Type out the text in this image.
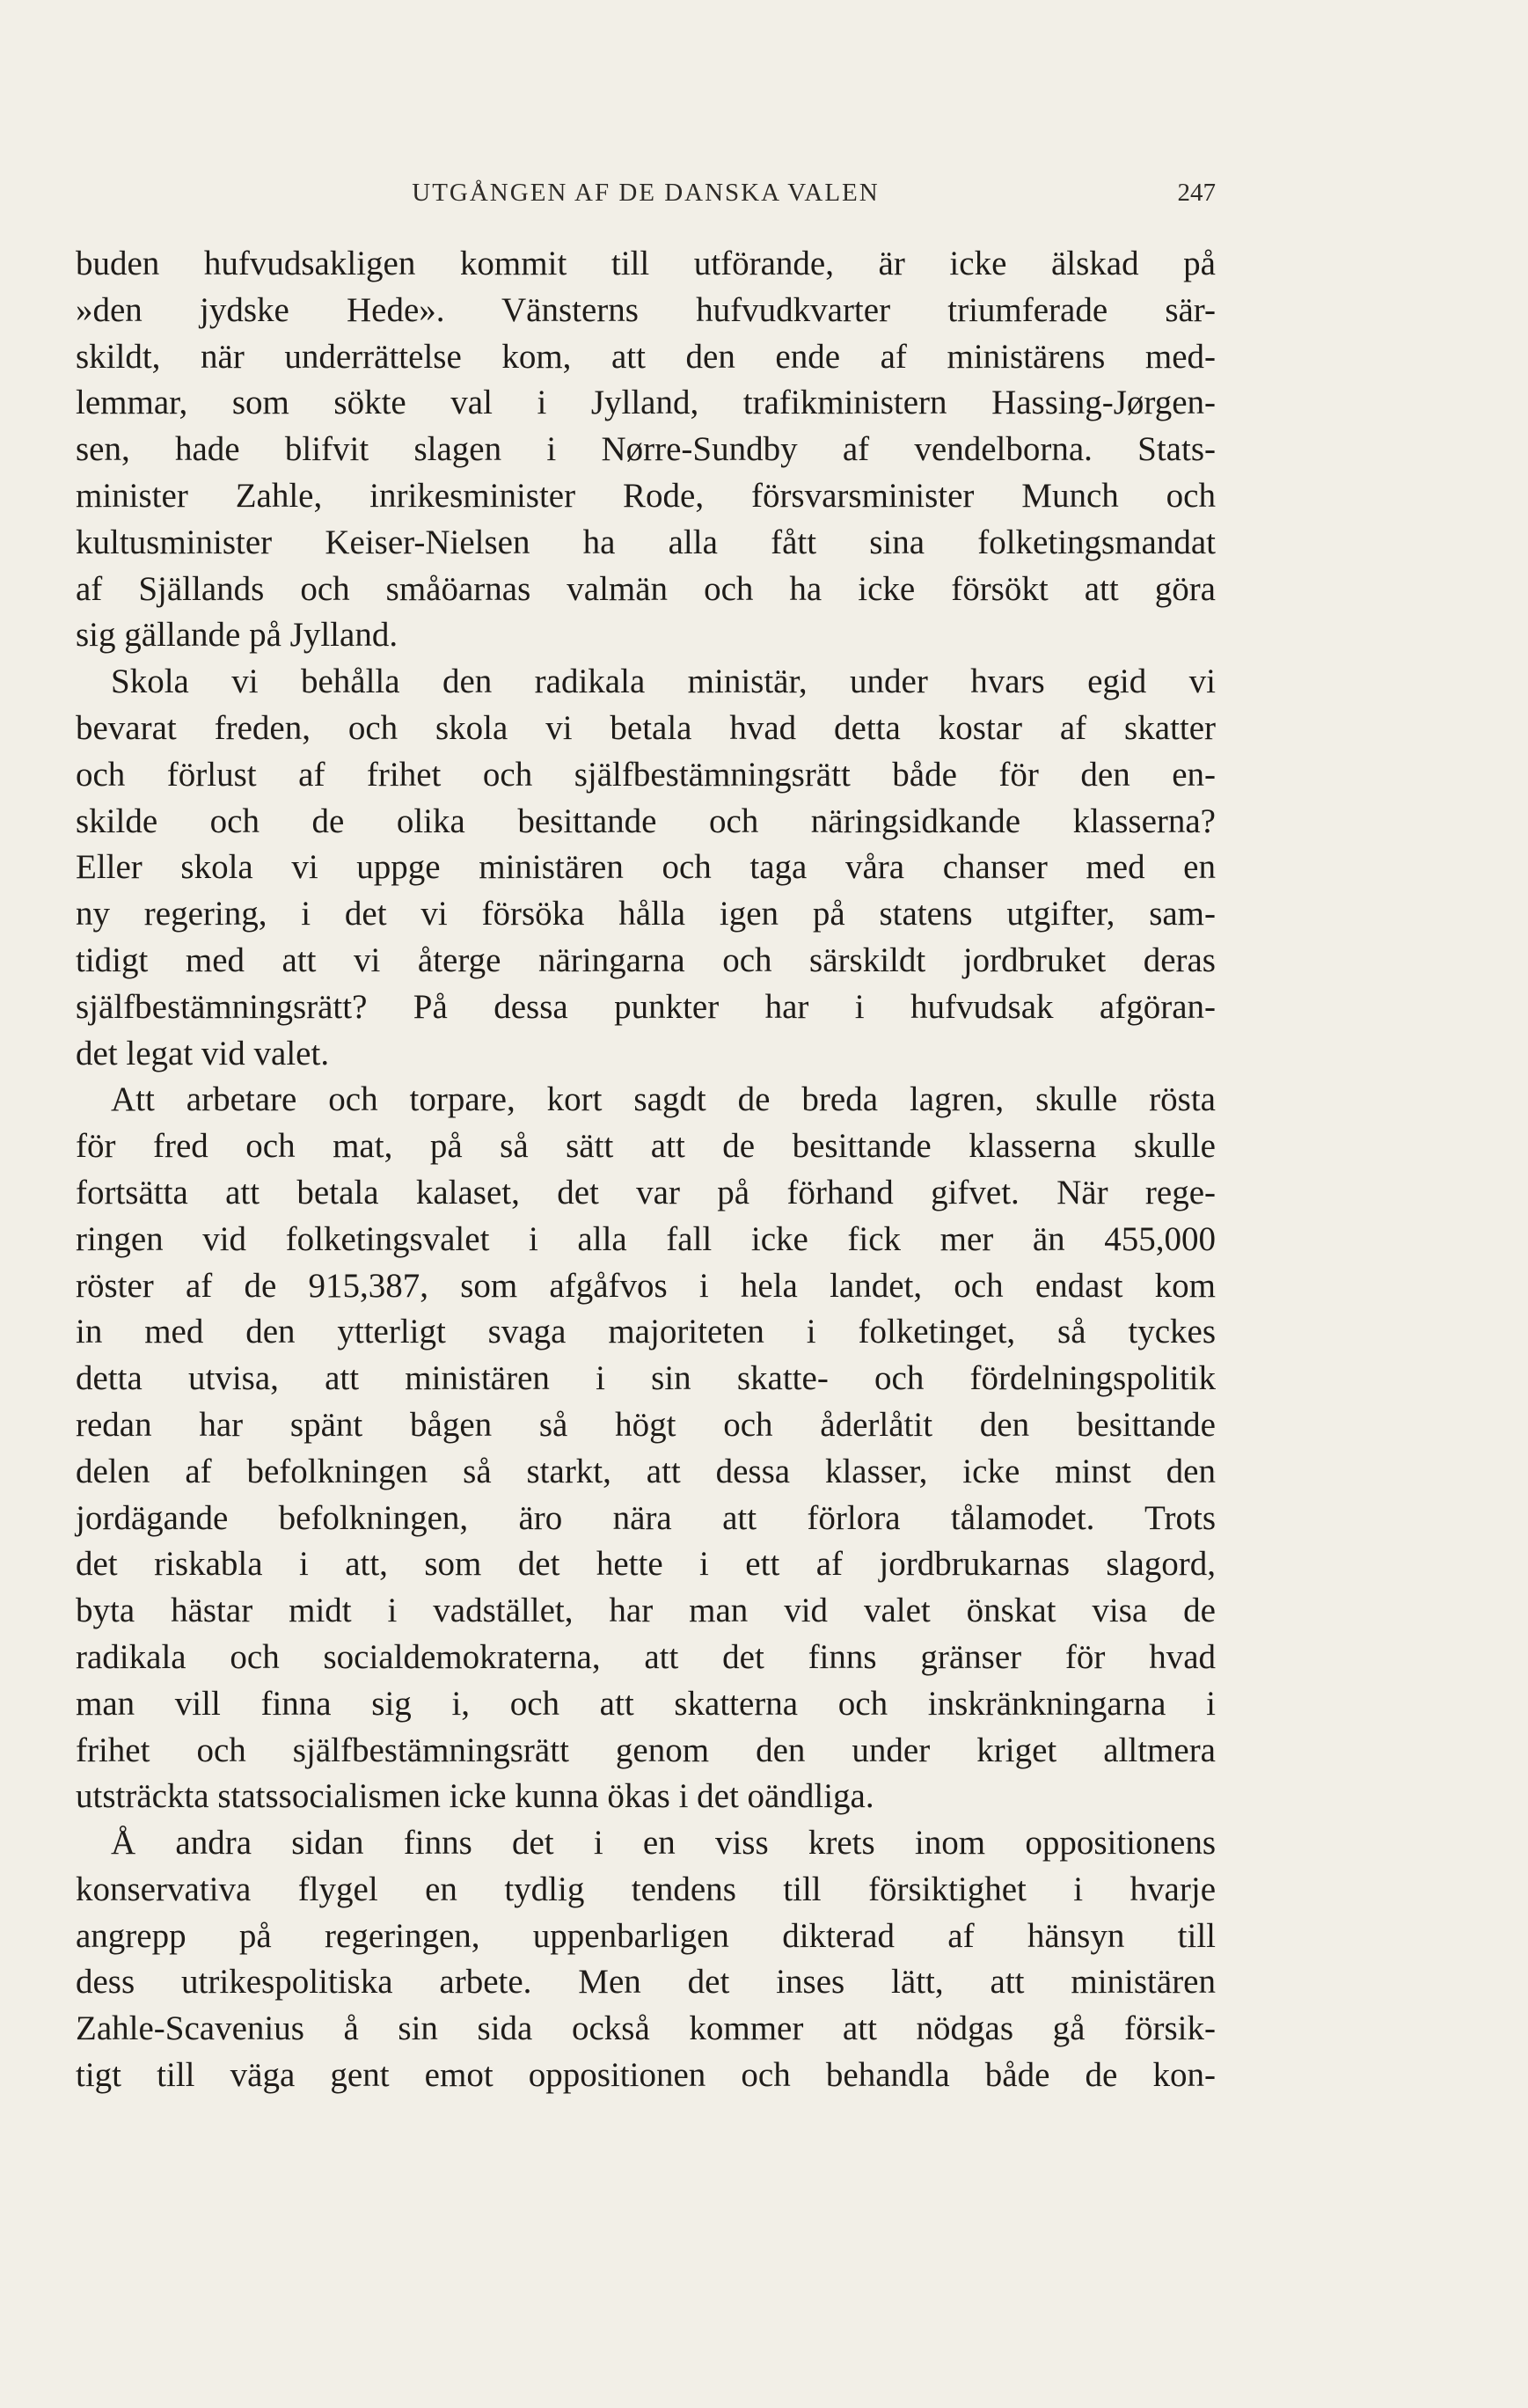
UTGÅNGEN AF DE DANSKA VALEN	247
buden hufvudsakligen kommit till utförande, är icke älskad på
»den jydske Hede». Vänsterns hufvudkvarter triumferade sär-
skildt, när underrättelse kom, att den ende af ministärens med-
lemmar, som sökte val i Jylland, trafikministern Hassing-Jørgen-
sen, hade blifvit slagen i Nørre-Sundby af vendelborna. Stats-
minister Zahle, inrikesminister Rode, försvarsminister Munch och
kultusminister Keiser-Nielsen ha alla fått sina folketingsmandat
af Själlands och småöarnas valmän och ha icke försökt att göra
sig gällande på Jylland.
Skola vi behålla den radikala ministär, under hvars egid vi
bevarat freden, och skola vi betala hvad detta kostar af skatter
och förlust af frihet och själfbestämningsrätt både för den en-
skilde och de olika besittande och näringsidkande klasserna?
Eller skola vi uppge ministären och taga våra chanser med en
ny regering, i det vi försöka hålla igen på statens utgifter, sam-
tidigt med att vi återge näringarna och särskildt jordbruket deras
själfbestämningsrätt? På dessa punkter har i hufvudsak afgöran-
det legat vid valet.
Att arbetare och torpare, kort sagdt de breda lagren, skulle rösta
för fred och mat, på så sätt att de besittande klasserna skulle
fortsätta att betala kalaset, det var på förhand gifvet. När rege-
ringen vid folketingsvalet i alla fall icke fick mer än 455,000
röster af de 915,387, som afgåfvos i hela landet, och endast kom
in med den ytterligt svaga majoriteten i folketinget, så tyckes
detta utvisa, att ministären i sin skatte- och fördelningspolitik
redan har spänt bågen så högt och åderlåtit den besittande
delen af befolkningen så starkt, att dessa klasser, icke minst den
jordägande befolkningen, äro nära att förlora tålamodet. Trots
det riskabla i att, som det hette i ett af jordbrukarnas slagord,
byta hästar midt i vadstället, har man vid valet önskat visa de
radikala och socialdemokraterna, att det finns gränser för hvad
man vill finna sig i, och att skatterna och inskränkningarna i
frihet och själfbestämningsrätt genom den under kriget alltmera
utsträckta statssocialismen icke kunna ökas i det oändliga.
Å andra sidan finns det i en viss krets inom oppositionens
konservativa flygel en tydlig tendens till försiktighet i hvarje
angrepp på regeringen, uppenbarligen dikterad af hänsyn till
dess utrikespolitiska arbete. Men det inses lätt, att ministären
Zahle-Scavenius å sin sida också kommer att nödgas gå försik-
tigt till väga gent emot oppositionen och behandla både de kon-
